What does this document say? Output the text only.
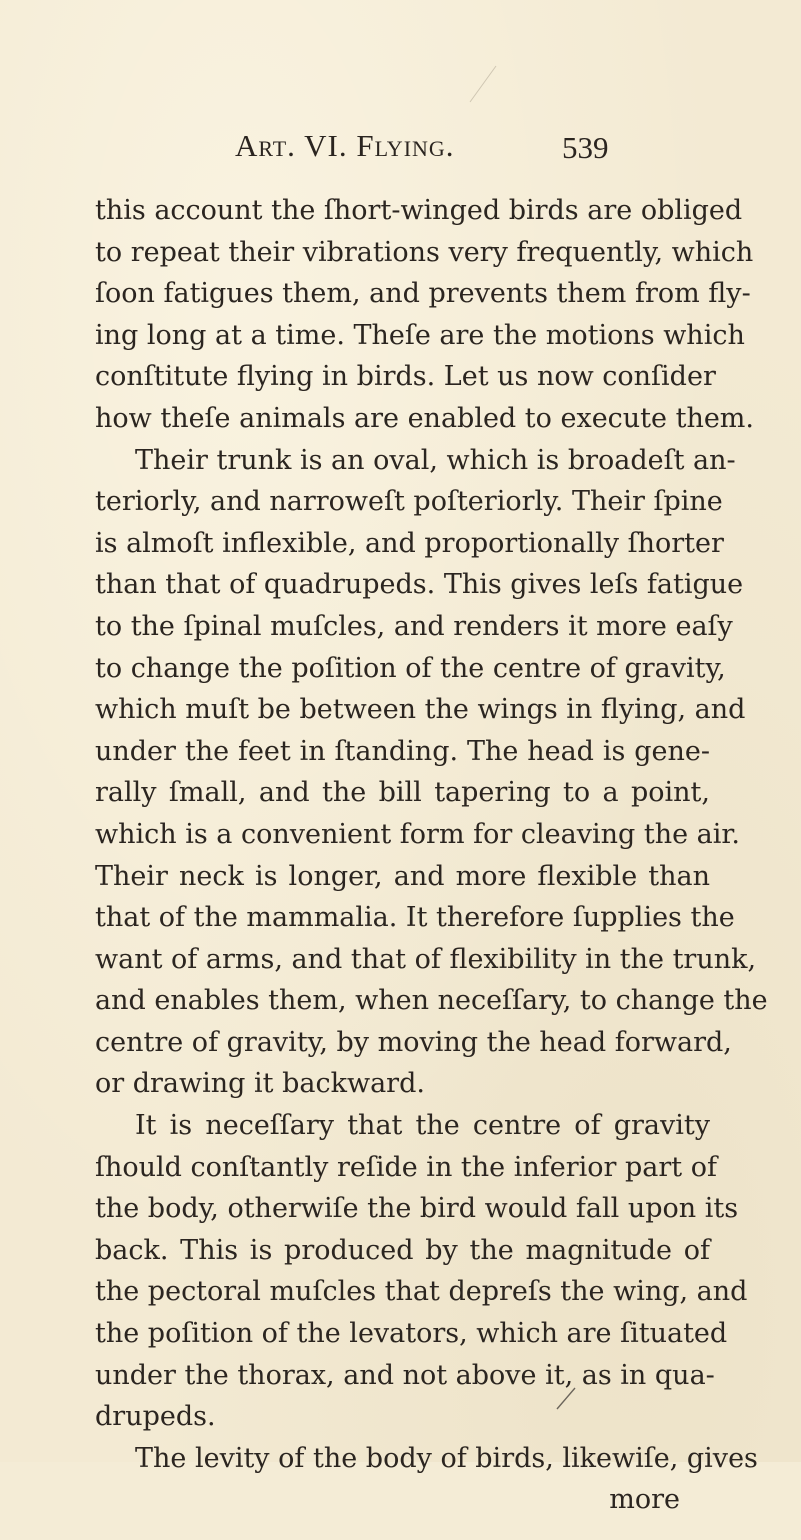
Art. VI. Flying.	539
this account the ſhort-winged birds are obliged
to repeat their vibrations very frequently, which
ſoon fatigues them, and prevents them from fly-
ing long at a time. Theſe are the motions which
conſtitute flying in birds. Let us now conſider
how theſe animals are enabled to execute them.
Their trunk is an oval, which is broadeſt an-
teriorly, and narroweſt poſteriorly. Their ſpine
is almoſt inflexible, and proportionally ſhorter
than that of quadrupeds. This gives leſs fatigue
to the ſpinal muſcles, and renders it more eaſy
to change the poſition of the centre of gravity,
which muſt be between the wings in flying, and
under the feet in ſtanding. The head is gene-
rally ſmall, and the bill tapering to a point,
which is a convenient form for cleaving the air.
Their neck is longer, and more flexible than
that of the mammalia. It therefore ſupplies the
want of arms, and that of flexibility in the trunk,
and enables them, when neceſſary, to change the
centre of gravity, by moving the head forward,
or drawing it backward.
It is neceſſary that the centre of gravity
ſhould conſtantly reſide in the inferior part of
the body, otherwiſe the bird would fall upon its
back. This is produced by the magnitude of
the pectoral muſcles that depreſs the wing, and
the poſition of the levators, which are ſituated
under the thorax, and not above it, as in qua-
drupeds.
The levity of the body of birds, likewiſe, gives
more
